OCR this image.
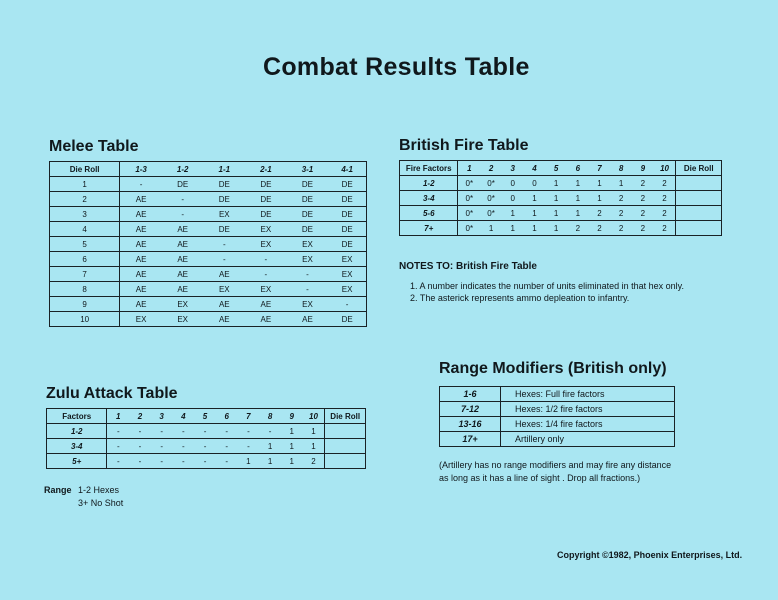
Combat Results Table
Melee Table
Die Roll	1-3	1-2	1-1	2-1	3-1	4-1
1	-	DE	DE	DE	DE	DE
2	AE	-	DE	DE	DE	DE
3	AE	-	EX	DE	DE	DE
4	AE	AE	DE	EX	DE	DE
5	AE	AE	-	EX	EX	DE
6	AE	AE	-	-	EX	EX
7	AE	AE	AE	-	-	EX
8	AE	AE	EX	EX	-	EX
9	AE	EX	AE	AE	EX	-
10	EX	EX	AE	AE	AE	DE
British Fire Table
Fire Factors	1	2	3	4	5	6	7	8	9	10	Die Roll
1-2	0*	0*	0	0	1	1	1	1	2	2	
3-4	0*	0*	0	1	1	1	1	2	2	2	
5-6	0*	0*	1	1	1	1	2	2	2	2	
7+	0*	1	1	1	1	2	2	2	2	2	
NOTES TO: British Fire Table

1. A number indicates the number of units eliminated in that hex only.

2. The asterick represents ammo depleation to infantry.

Range Modifiers (British only)
1-6	Hexes: Full fire factors
7-12	Hexes: 1/2 fire factors
13-16	Hexes: 1/4 fire factors
17+	Artillery only
(Artillery has no range modifiers and may fire any distance
as long as it has a line of sight . Drop all fractions.)
Zulu Attack Table
Factors	1	2	3	4	5	6	7	8	9	10	Die Roll
1-2	-	-	-	-	-	-	-	-	1	1	
3-4	-	-	-	-	-	-	-	1	1	1	
5+	-	-	-	-	-	-	1	1	1	2	
Range 1-2 Hexes
3+ No Shot
Copyright ©1982, Phoenix Enterprises, Ltd.
